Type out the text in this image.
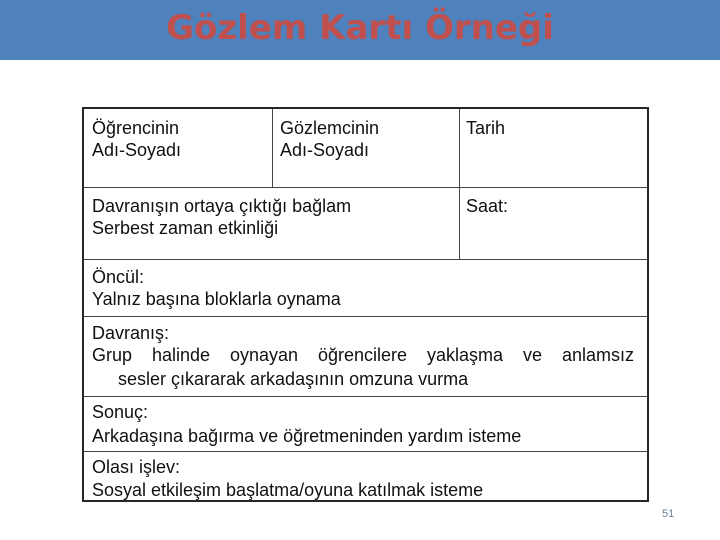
Gözlem Kartı Örneği
Öğrencinin
Adı-Soyadı
Gözlemcinin
Adı-Soyadı
Tarih
Davranışın ortaya çıktığı bağlam
Serbest zaman etkinliği
Saat:
Öncül:
Yalnız başına bloklarla oynama
Davranış:
Grup halinde oynayan öğrencilere yaklaşma ve anlamsız
sesler çıkararak arkadaşının omzuna vurma
Sonuç:
Arkadaşına bağırma ve öğretmeninden yardım isteme
Olası işlev:
Sosyal etkileşim başlatma/oyuna katılmak isteme
51
